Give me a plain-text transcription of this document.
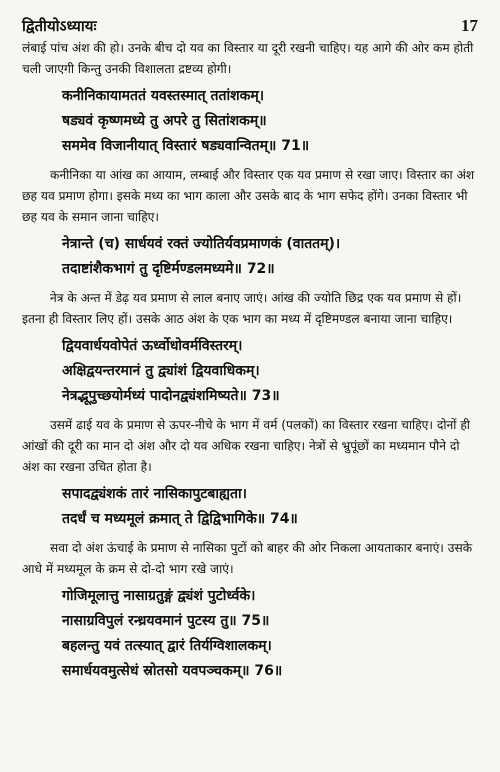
द्वितीयोऽध्यायः	17

लंबाई पांच अंश की हो। उनके बीच दो यव का विस्तार या दूरी रखनी चाहिए। यह आगे की ओर कम होती चली जाएगी किन्तु उनकी विशालता द्रष्टव्य होगी।

कनीनिकायामततं यवस्तस्मात् ततांशकम्।
षड्यवं कृष्णमध्ये तु अपरे तु सितांशकम्॥
सममेव विजानीयात् विस्तारं षड्यवान्वितम्॥ 71॥

कनीनिका या आंख का आयाम, लम्बाई और विस्तार एक यव प्रमाण से रखा जाए। विस्तार का अंश छह यव प्रमाण होगा। इसके मध्य का भाग काला और उसके बाद के भाग सफेद होंगे। उनका विस्तार भी छह यव के समान जाना चाहिए।

नेत्रान्ते (च) सार्धयवं रक्तं ज्योतिर्यवप्रमाणकं (वाततम्)।
तदाष्टांशैकभागं तु दृष्टिर्मण्डलमध्यमे॥ 72॥

नेत्र के अन्त में डेढ़ यव प्रमाण से लाल बनाए जाएं। आंख की ज्योति छिद्र एक यव प्रमाण से हों। इतना ही विस्तार लिए हों। उसके आठ अंश के एक भाग का मध्य में दृष्टिमण्डल बनाया जाना चाहिए।

द्वियवार्धयवोपेतं ऊर्ध्वोधोवर्मविस्तरम्।
अक्षिद्वयन्तरमानं तु द्व्यांशं द्वियवाधिकम्।
नेत्रद्भूपुच्छयोर्मध्यं पादोनद्व्यंशमिष्यते॥ 73॥

उसमें ढाई यव के प्रमाण से ऊपर-नीचे के भाग में वर्म (पलकों) का विस्तार रखना चाहिए। दोनों ही आंखों की दूरी का मान दो अंश और दो यव अधिक रखना चाहिए। नेत्रों से भ्रुपूंछों का मध्यमान पौने दो अंश का रखना उचित होता है।

सपादद्व्यंशकं तारं नासिकापुटबाह्यता।
तदर्धं च मध्यमूलं क्रमात् ते द्विद्विभागिके॥ 74॥

सवा दो अंश ऊंचाई के प्रमाण से नासिका पुटों को बाहर की ओर निकला आयताकार बनाएं। उसके आधे में मध्यमूल के क्रम से दो-दो भाग रखे जाएं।

गोजिमूलात्तु नासाग्रतुङ्गं द्व्यंशं पुटोर्ध्वके।
नासाग्रविपुलं रन्ध्रयवमानं पुटस्य तु॥ 75॥
बहलन्तु यवं तत्स्यात् द्वारं तिर्यग्विशालकम्।
समार्धयवमुत्सेधं स्रोतसो यवपञ्चकम्॥ 76॥
